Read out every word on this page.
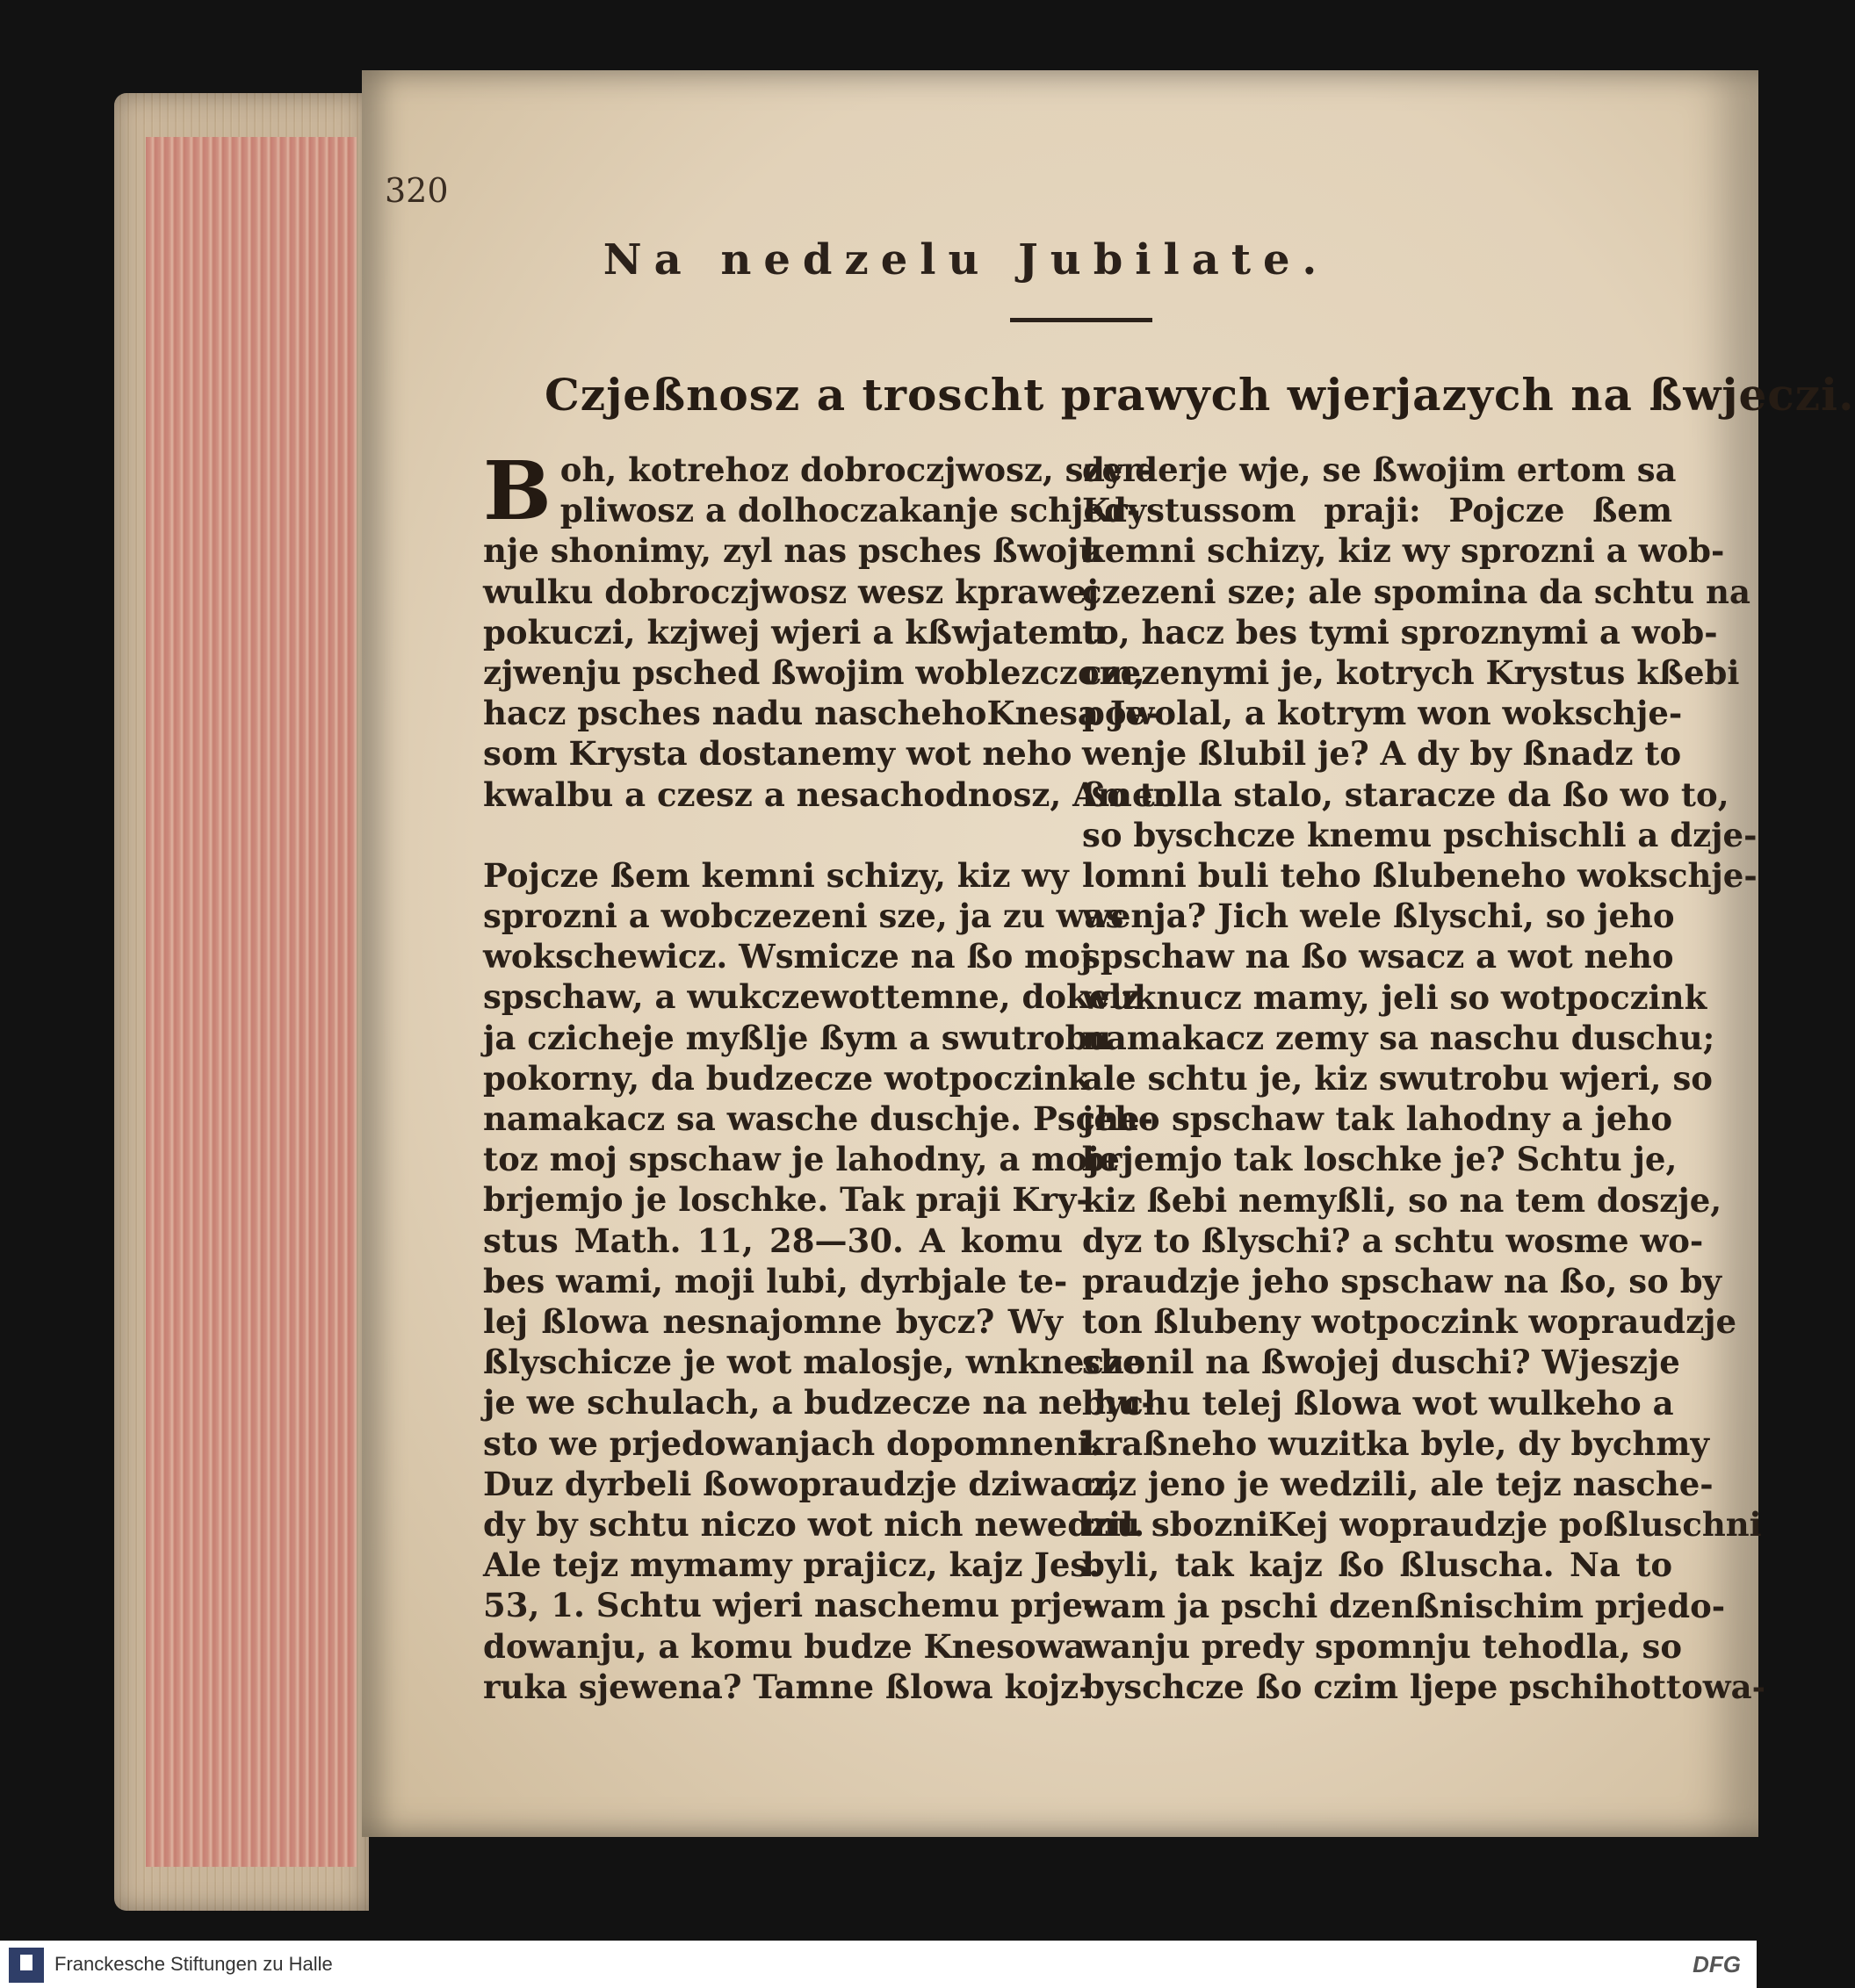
320
Na nedzelu Jubilate.
Czjeßnosz a troscht prawych wjerjazych na ßwjeczi.
B oh, kotrehoz dobroczjwosz, szer-
pliwosz a dolhoczakanje schjed-
nje shonimy, zyl nas psches ßwoju
wulku dobroczjwosz wesz kprawej
pokuczi, kzjwej wjeri a kßwjatemu
zjwenju psched ßwojim woblezczom,
hacz psches nadu naschehoKnesa Je-
som Krysta dostanemy wot neho
kwalbu a czesz a nesachodnosz, Amen.
Pojcze ßem kemni schizy, kiz wy
sprozni a wobczezeni sze, ja zu was
wokschewicz. Wsmicze na ßo moj
spschaw, a wukczewottemne, dokelz
ja czicheje myßlje ßym a swutrobu
pokorny, da budzecze wotpoczink
namakacz sa wasche duschje. Psche-
toz moj spschaw je lahodny, a moje
brjemjo je loschke. Tak praji Kry-
stus Math. 11, 28—30. A komu
bes wami, moji lubi, dyrbjale te-
lej ßlowa nesnajomne bycz? Wy
ßlyschicze je wot malosje, wnknecze
je we schulach, a budzecze na ne hu-
sto we prjedowanjach dopomneni.
Duz dyrbeli ßowopraudzje dziwacz,
dy by schtu niczo wot nich newedzil.
Ale tejz mymamy prajicz, kajz Jes.
53, 1. Schtu wjeri naschemu prje-
dowanju, a komu budze Knesowa
ruka sjewena? Tamne ßlowa kojz-
dy derje wje, se ßwojim ertom sa
Krystussom praji: Pojcze ßem
kemni schizy, kiz wy sprozni a wob-
czezeni sze; ale spomina da schtu na
to, hacz bes tymi sproznymi a wob-
czezenymi je, kotrych Krystus kßebi
powolal, a kotrym won wokschje-
wenje ßlubil je? A dy by ßnadz to
ßo tolla stalo, staracze da ßo wo to,
so byschcze knemu pschischli a dzje-
lomni buli teho ßlubeneho wokschje-
wenja? Jich wele ßlyschi, so jeho
spschaw na ßo wsacz a wot neho
wuknucz mamy, jeli so wotpoczink
namakacz zemy sa naschu duschu;
ale schtu je, kiz swutrobu wjeri, so
jeho spschaw tak lahodny a jeho
brjemjo tak loschke je? Schtu je,
kiz ßebi nemyßli, so na tem doszje,
dyz to ßlyschi? a schtu wosme wo-
praudzje jeho spschaw na ßo, so by
ton ßlubeny wotpoczink wopraudzje
shonil na ßwojej duschi? Wjeszje
bychu telej ßlowa wot wulkeho a
kraßneho wuzitka byle, dy bychmy
niz jeno je wedzili, ale tejz nasche-
mu sbozniKej wopraudzje poßluschni
byli, tak kajz ßo ßluscha. Na to
wam ja pschi dzenßnischim prjedo-
wanju predy spomnju tehodla, so
byschcze ßo czim ljepe pschihottowa-
Franckesche Stiftungen zu Halle	DFG
